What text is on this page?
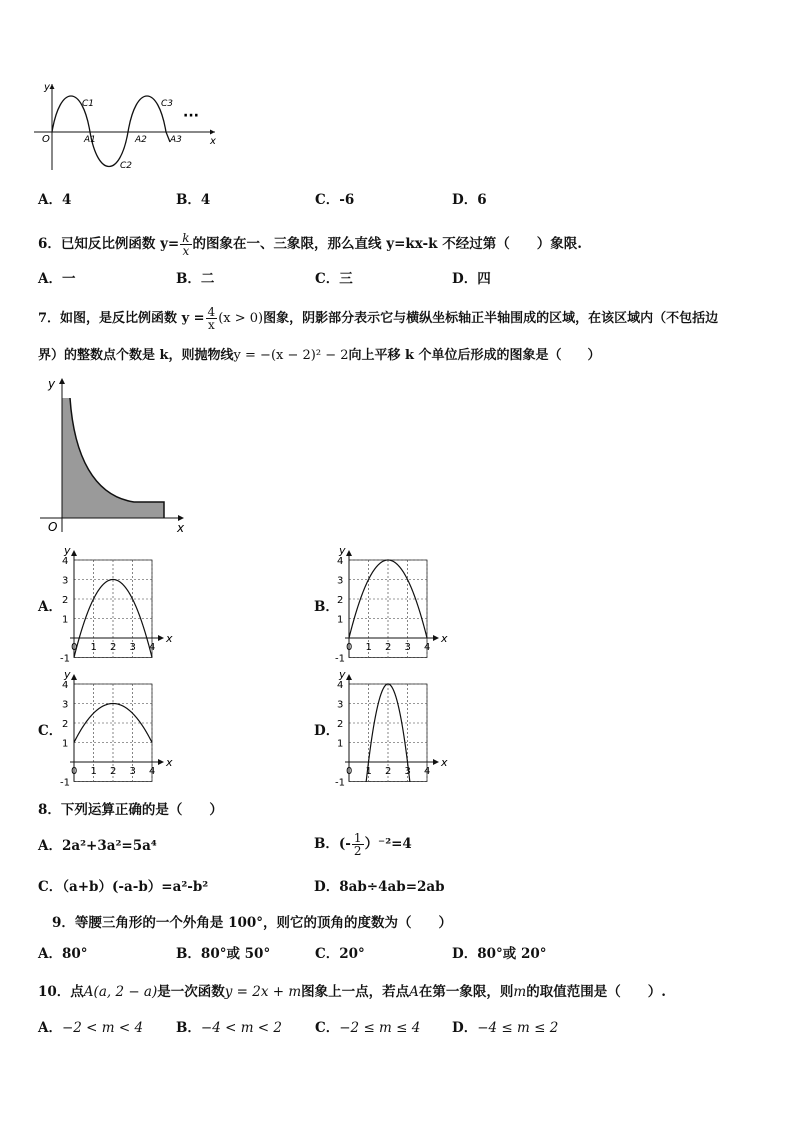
y
x
O
···
C1	C3
C2
A1	A2	A3
A．4	B．4	C．-6	D．6
6．已知反比例函数 $y= \frac{k}{x}$ 的图象在一、三象限，那么直线 y=kx-k 不经过第（　　）象限.
A．一	B．二	C．三	D．四
7．如图，是反比例函数 $y = \frac{4}{x} (x > 0)$图象，阴影部分表示它与横纵坐标轴正半轴围成的区域，在该区域内（不包括边
界）的整数点个数是 k，则抛物线y = −(x − 2)² − 2向上平移 k 个单位后形成的图象是（　　）
y
x
O
A．	B．
C．	D．
0 1 2 3 4
4
3
2
1
-1
x
y
0 1 2 3 4
4
3
2
1
-1
x
y
0 1 2 3 4
4
3
2
1
-1
x
y
0 1 2 3 4
4
3
2
1
-1
x
y
8．下列运算正确的是（　　）
A．2a²+3a²=5a⁴	B．(- $\frac{1}{2} )^{-2}=4$
C．（a+b）(-a-b）=a²-b²	D．8ab÷4ab=2ab
9．等腰三角形的一个外角是 100°，则它的顶角的度数为（　　）
A．80°	B．80°或 50°	C．20°	D．80°或 20°
10．点A(a, 2 − a)是一次函数y = 2x + m图象上一点，若点A在第一象限，则m的取值范围是（　　）.
A．−2 < m < 4 B．−4 < m < 2 C．−2 ≤ m ≤ 4 D．−4 ≤ m ≤ 2
